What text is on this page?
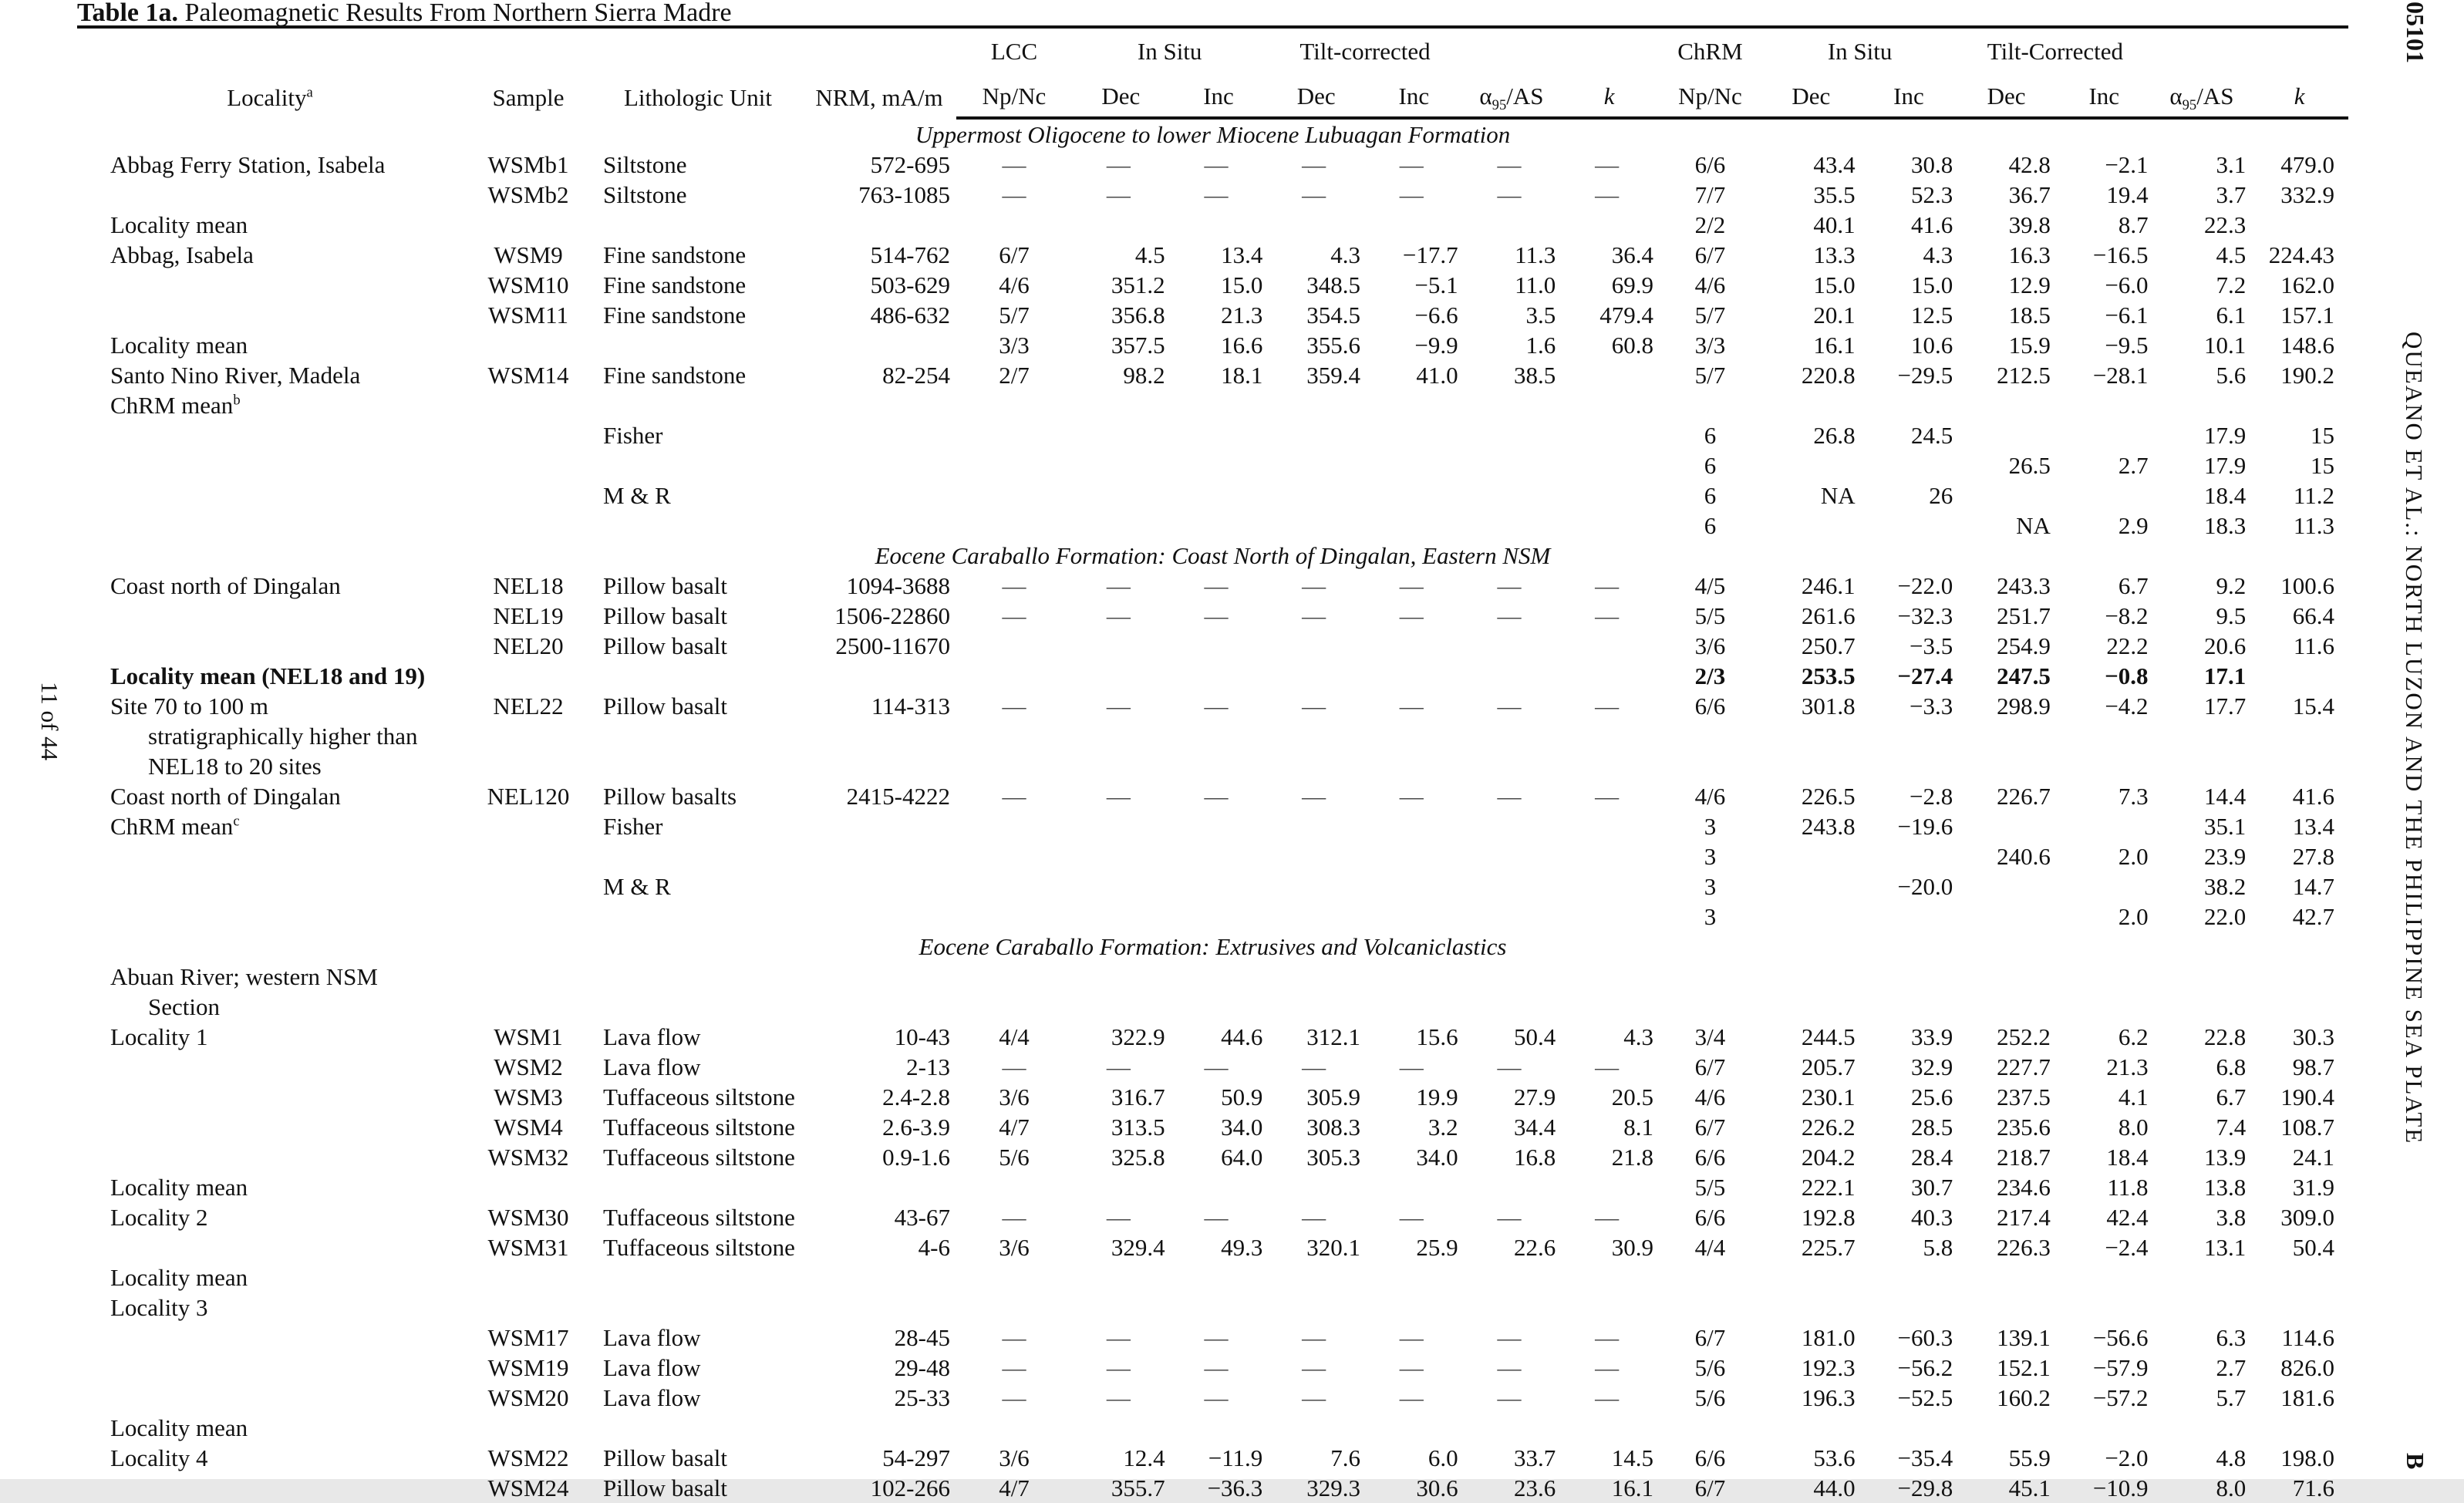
Table 1a. Paleomagnetic Results From Northern Sierra Madre
Locality$^a$	Sample	Lithologic Unit	NRM, mA/m	LCC	In Situ		Tilt-corrected				ChRM	In Situ		Tilt-Corrected			
				Np/Nc	Dec	Inc	Dec	Inc	$\alpha_{95}/AS$	k	Np/Nc	Dec	Inc	Dec	Inc	$\alpha_{95}/AS$	k
Uppermost Oligocene to lower Miocene Lubuagan Formation																	
Abbag Ferry Station, Isabela	WSMb1	Siltstone	572-695	—	—	—	—	—	—	—	6/6	43.4	30.8	42.8	−2.1	3.1	479.0
	WSMb2	Siltstone	763-1085	—	—	—	—	—	—	—	7/7	35.5	52.3	36.7	19.4	3.7	332.9
Locality mean											2/2	40.1	41.6	39.8	8.7	22.3	
Abbag, Isabela	WSM9	Fine sandstone	514-762	6/7	4.5	13.4	4.3	−17.7	11.3	36.4	6/7	13.3	4.3	16.3	−16.5	4.5	224.43
	WSM10	Fine sandstone	503-629	4/6	351.2	15.0	348.5	−5.1	11.0	69.9	4/6	15.0	15.0	12.9	−6.0	7.2	162.0
	WSM11	Fine sandstone	486-632	5/7	356.8	21.3	354.5	−6.6	3.5	479.4	5/7	20.1	12.5	18.5	−6.1	6.1	157.1
Locality mean				3/3	357.5	16.6	355.6	−9.9	1.6	60.8	3/3	16.1	10.6	15.9	−9.5	10.1	148.6
Santo Nino River, Madela	WSM14	Fine sandstone	82-254	2/7	98.2	18.1	359.4	41.0	38.5		5/7	220.8	−29.5	212.5	−28.1	5.6	190.2
ChRM mean$^b$																	
		Fisher									6	26.8	24.5			17.9	15
											6			26.5	2.7	17.9	15
		M & R									6	NA	26			18.4	11.2
											6			NA	2.9	18.3	11.3
Eocene Caraballo Formation: Coast North of Dingalan, Eastern NSM																	
Coast north of Dingalan	NEL18	Pillow basalt	1094-3688	—	—	—	—	—	—	—	4/5	246.1	−22.0	243.3	6.7	9.2	100.6
	NEL19	Pillow basalt	1506-22860	—	—	—	—	—	—	—	5/5	261.6	−32.3	251.7	−8.2	9.5	66.4
	NEL20	Pillow basalt	2500-11670								3/6	250.7	−3.5	254.9	22.2	20.6	11.6
Locality mean (NEL18 and 19)											2/3	253.5	−27.4	247.5	−0.8	17.1	
Site 70 to 100 m	NEL22	Pillow basalt	114-313	—	—	—	—	—	—	—	6/6	301.8	−3.3	298.9	−4.2	17.7	15.4
stratigraphically higher than																	
NEL18 to 20 sites																	
Coast north of Dingalan	NEL120	Pillow basalts	2415-4222	—	—	—	—	—	—	—	4/6	226.5	−2.8	226.7	7.3	14.4	41.6
ChRM mean$^c$		Fisher									3	243.8	−19.6			35.1	13.4
											3			240.6	2.0	23.9	27.8
		M & R									3		−20.0			38.2	14.7
											3				2.0	22.0	42.7
Eocene Caraballo Formation: Extrusives and Volcaniclastics																	
Abuan River; western NSM																	
Section																	
Locality 1	WSM1	Lava flow	10-43	4/4	322.9	44.6	312.1	15.6	50.4	4.3	3/4	244.5	33.9	252.2	6.2	22.8	30.3
	WSM2	Lava flow	2-13	—	—	—	—	—	—	—	6/7	205.7	32.9	227.7	21.3	6.8	98.7
	WSM3	Tuffaceous siltstone	2.4-2.8	3/6	316.7	50.9	305.9	19.9	27.9	20.5	4/6	230.1	25.6	237.5	4.1	6.7	190.4
	WSM4	Tuffaceous siltstone	2.6-3.9	4/7	313.5	34.0	308.3	3.2	34.4	8.1	6/7	226.2	28.5	235.6	8.0	7.4	108.7
	WSM32	Tuffaceous siltstone	0.9-1.6	5/6	325.8	64.0	305.3	34.0	16.8	21.8	6/6	204.2	28.4	218.7	18.4	13.9	24.1
Locality mean											5/5	222.1	30.7	234.6	11.8	13.8	31.9
Locality 2	WSM30	Tuffaceous siltstone	43-67	—	—	—	—	—	—	—	6/6	192.8	40.3	217.4	42.4	3.8	309.0
	WSM31	Tuffaceous siltstone	4-6	3/6	329.4	49.3	320.1	25.9	22.6	30.9	4/4	225.7	5.8	226.3	−2.4	13.1	50.4
Locality mean																	
Locality 3																	
	WSM17	Lava flow	28-45	—	—	—	—	—	—	—	6/7	181.0	−60.3	139.1	−56.6	6.3	114.6
	WSM19	Lava flow	29-48	—	—	—	—	—	—	—	5/6	192.3	−56.2	152.1	−57.9	2.7	826.0
	WSM20	Lava flow	25-33	—	—	—	—	—	—	—	5/6	196.3	−52.5	160.2	−57.2	5.7	181.6
Locality mean																	
Locality 4	WSM22	Pillow basalt	54-297	3/6	12.4	−11.9	7.6	6.0	33.7	14.5	6/6	53.6	−35.4	55.9	−2.0	4.8	198.0
	WSM24	Pillow basalt	102-266	4/7	355.7	−36.3	329.3	30.6	23.6	16.1	6/7	44.0	−29.8	45.1	−10.9	8.0	71.6
05101
QUEANO ET AL.: NORTH LUZON AND THE PHILIPPINE SEA PLATE
B
11 of 44
